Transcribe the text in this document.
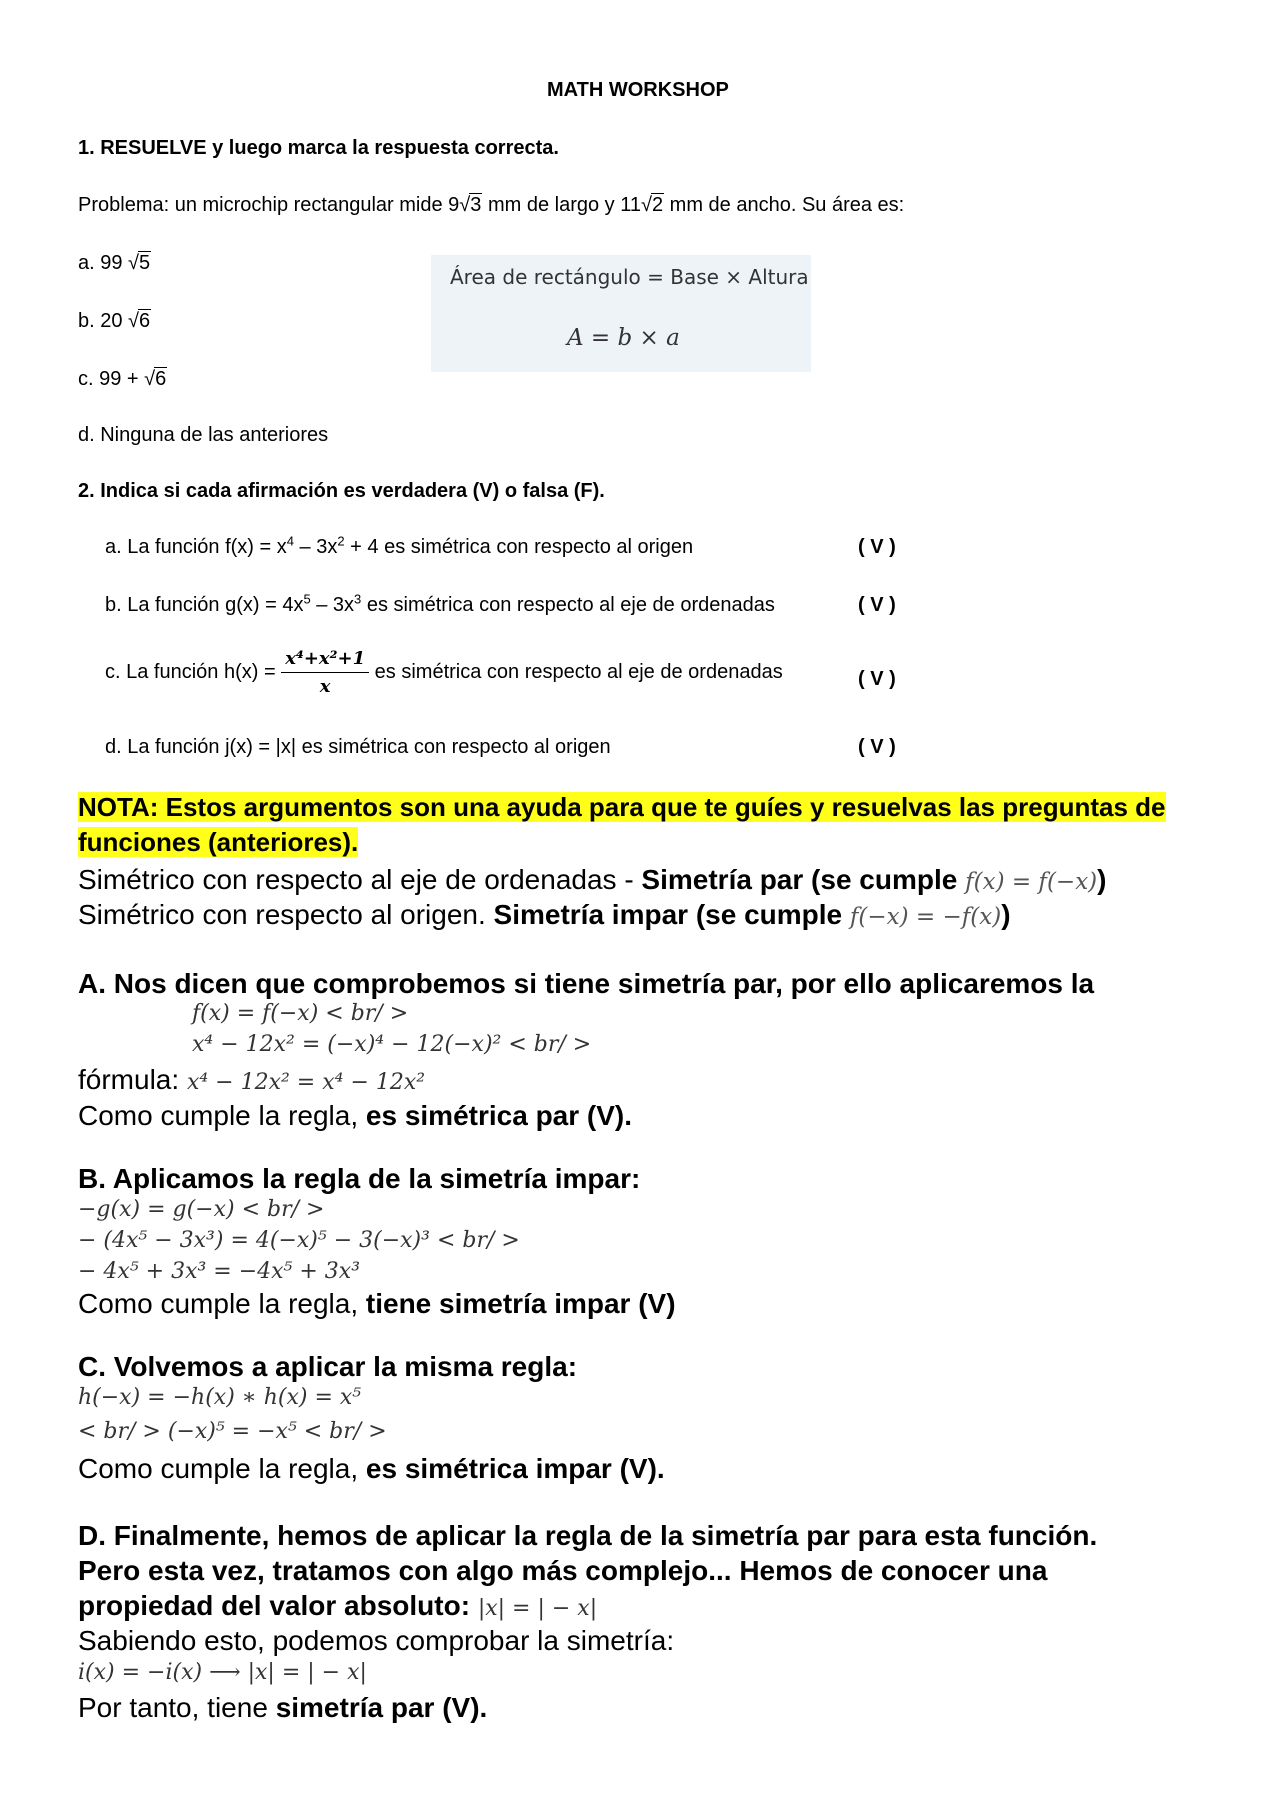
MATH WORKSHOP
1. RESUELVE y luego marca la respuesta correcta.
Problema: un microchip rectangular mide 9√3 mm de largo y 11√2 mm de ancho. Su área es:
a. 99 √5
b. 20 √6
c. 99 + √6
d. Ninguna de las anteriores
Área de rectángulo = Base × Altura
A = b × a
2. Indica si cada afirmación es verdadera (V) o falsa (F).
a. La función $f(x) = x^4 - 3x^2 + 4$ es simétrica con respecto al origen	( V )
b. La función $g(x) = 4x^5 - 3x^3$ es simétrica con respecto al eje de ordenadas	( V )
c. La función $h(x) = \frac{\text{x⁴+x²+1}}{x}$ es simétrica con respecto al eje de ordenadas	( V )
d. La función j(x) = |x| es simétrica con respecto al origen	( V )
NOTA: Estos argumentos son una ayuda para que te guíes y resuelvas las preguntas de
funciones (anteriores).
Simétrico con respecto al eje de ordenadas - Simetría par (se cumple f(x) = f(−x))
Simétrico con respecto al origen. Simetría impar (se cumple f(−x) = −f(x))
A. Nos dicen que comprobemos si tiene simetría par, por ello aplicaremos la
f(x) = f(−x) < br/ >
x⁴ − 12x² = (−x)⁴ − 12(−x)² < br/ >
fórmula: x⁴ − 12x² = x⁴ − 12x²
Como cumple la regla, es simétrica par (V).
B. Aplicamos la regla de la simetría impar:
−g(x) = g(−x) < br/ >
− (4x⁵ − 3x³) = 4(−x)⁵ − 3(−x)³ < br/ >
− 4x⁵ + 3x³ = −4x⁵ + 3x³
Como cumple la regla, tiene simetría impar (V)
C. Volvemos a aplicar la misma regla:
h(−x) = −h(x) ∗ h(x) = x⁵
< br/ > (−x)⁵ = −x⁵ < br/ >
Como cumple la regla, es simétrica impar (V).
D. Finalmente, hemos de aplicar la regla de la simetría par para esta función.
Pero esta vez, tratamos con algo más complejo... Hemos de conocer una
propiedad del valor absoluto: |x| = | − x|
Sabiendo esto, podemos comprobar la simetría:
i(x) = −i(x) ⟶ |x| = | − x|
Por tanto, tiene simetría par (V).
